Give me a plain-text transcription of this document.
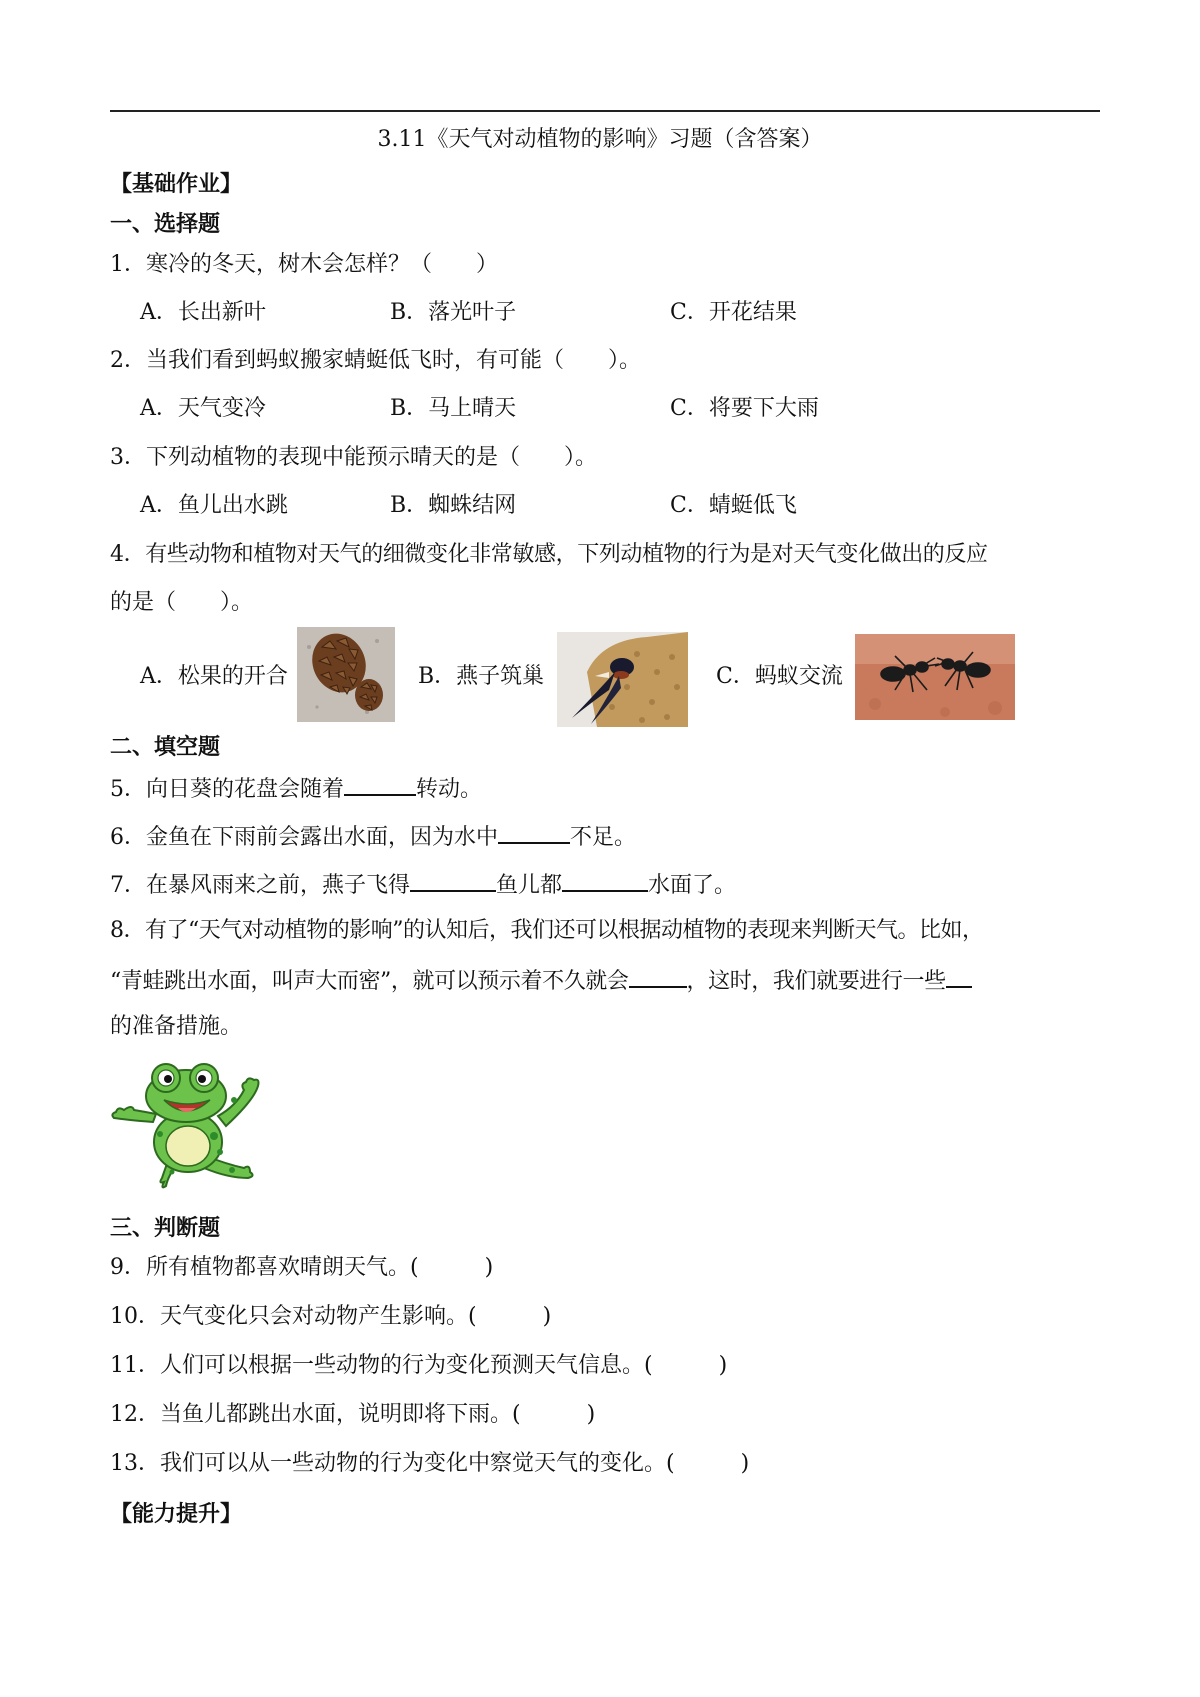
3.11《天气对动植物的影响》习题（含答案）
【基础作业】
一、选择题
1．寒冷的冬天，树木会怎样？（　　）
A．长出新叶	B．落光叶子	C．开花结果
2．当我们看到蚂蚁搬家蜻蜓低飞时，有可能（　　）。
A．天气变冷	B．马上晴天	C．将要下大雨
3．下列动植物的表现中能预示晴天的是（　　）。
A．鱼儿出水跳	B．蜘蛛结网	C．蜻蜓低飞
4．有些动物和植物对天气的细微变化非常敏感，下列动植物的行为是对天气变化做出的反应
的是（　　）。
A．松果的开合	B．燕子筑巢	C．蚂蚁交流
二、填空题
5．向日葵的花盘会随着	转动。
6．金鱼在下雨前会露出水面，因为水中	不足。
7．在暴风雨来之前，燕子飞得	鱼儿都	水面了。
8．有了“天气对动植物的影响”的认知后，我们还可以根据动植物的表现来判断天气。比如，
“青蛙跳出水面，叫声大而密”，就可以预示着不久就会	，这时，我们就要进行一些
的准备措施。
三、判断题
9．所有植物都喜欢晴朗天气。(　　　)
10．天气变化只会对动物产生影响。(　　　)
11．人们可以根据一些动物的行为变化预测天气信息。(　　　)
12．当鱼儿都跳出水面，说明即将下雨。(　　　)
13．我们可以从一些动物的行为变化中察觉天气的变化。(　　　)
【能力提升】
